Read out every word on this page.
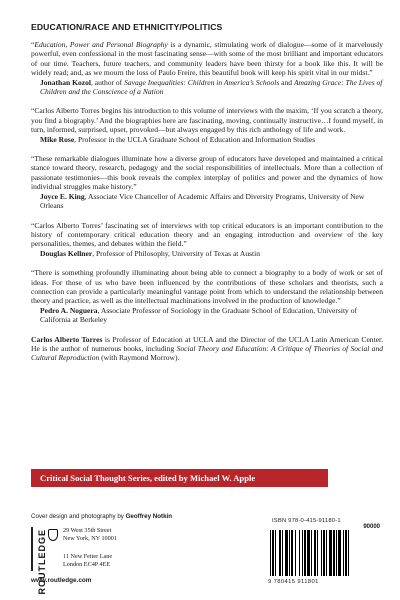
EDUCATION/RACE AND ETHNICITY/POLITICS

“Education, Power and Personal Biography is a dynamic, stimulating work of dialogue—some of it marvelously powerful, even confessional in the most fascinating sense—with some of the most brilliant and important educators of our time. Teachers, future teachers, and community leaders have been thirsty for a book like this. It will be widely read; and, as we mourn the loss of Paulo Freire, this beautiful book will keep his spirit vital in our midst.”

Jonathan Kozol, author of Savage Inequalities: Children in America’s Schools and Amazing Grace: The Lives of Children and the Conscience of a Nation

“Carlos Alberto Torres begins his introduction to this volume of interviews with the maxim, ‘If you scratch a theory, you find a biography.’ And the biographies here are fascinating, moving, continually instructive…I found myself, in turn, informed, surprised, upset, provoked—but always engaged by this rich anthology of life and work.

Mike Rose, Professor in the UCLA Graduate School of Education and Information Studies

“These remarkable dialogues illuminate how a diverse group of educators have developed and maintained a critical stance toward theory, research, pedagogy and the social responsibilities of intellectuals. More than a collection of passionate testimonies—this book reveals the complex interplay of politics and power and the dynamics of how individual struggles make history.”

Joyce E. King, Associate Vice Chancellor of Academic Affairs and Diversity Programs, University of New Orleans

“Carlos Alberto Torres’ fascinating set of interviews with top critical educators is an important contribution to the history of contemporary critical education theory and an engaging introduction and overview of the key personalities, themes, and debates within the field.”

Douglas Kellner, Professor of Philosophy, University of Texas at Austin

“There is something profoundly illuminating about being able to connect a biography to a body of work or set of ideas. For those of us who have been influenced by the contributions of these scholars and theorists, such a connection can provide a particularly meaningful vantage point from which to understand the relationship between theory and practice, as well as the intellectual machinations involved in the production of knowledge.”

Pedro A. Noguera, Associate Professor of Sociology in the Graduate School of Education, University of California at Berkeley

Carlos Alberto Torres is Professor of Education at UCLA and the Director of the UCLA Latin American Center. He is the author of numerous books, including Social Theory and Education: A Critique of Theories of Social and Cultural Reproduction (with Raymond Morrow).

Critical Social Thought Series, edited by Michael W. Apple
Cover design and photography by Geoffrey Notkin
ROUTLEDGE	29 West 35th Street
New York, NY 10001
11 New Fetter Lane
London EC4P 4EE
www.routledge.com
ISBN 978-0-415-91180-1
90000
9 780415 911801
